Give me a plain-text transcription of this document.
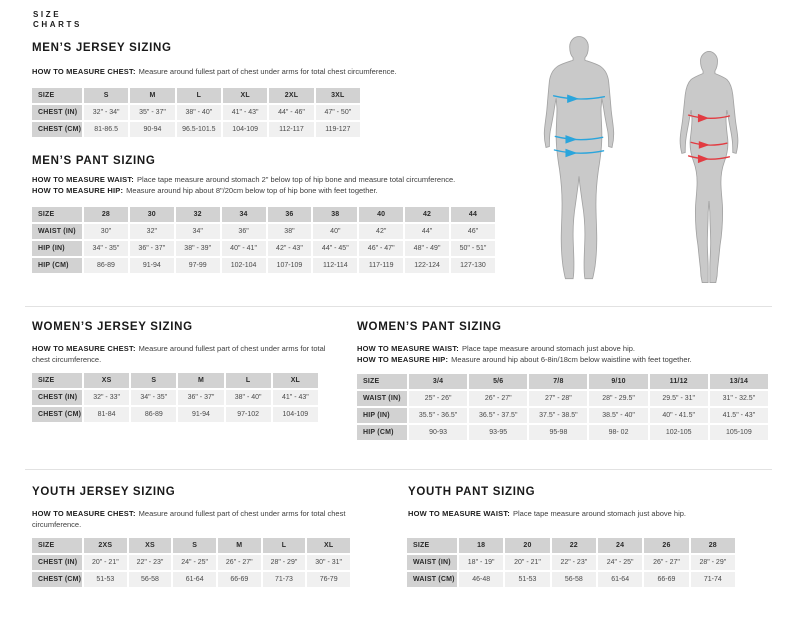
SIZE
CHARTS
MEN’S JERSEY SIZING
HOW TO MEASURE CHEST: Measure around fullest part of chest under arms for total chest circumference.
SIZE	S	M	L	XL	2XL	3XL
CHEST (IN)	32" - 34"	35" - 37"	38" - 40"	41" - 43"	44" - 46"	47" - 50"
CHEST (CM)	81-86.5	90-94	96.5-101.5	104-109	112-117	119-127
MEN’S PANT SIZING
HOW TO MEASURE WAIST: Place tape measure around stomach 2" below top of hip bone and measure total circumference.
HOW TO MEASURE HIP: Measure around hip about 8"/20cm below top of hip bone with feet together.
SIZE	28	30	32	34	36	38	40	42	44
WAIST (IN)	30"	32"	34"	36"	38"	40"	42"	44"	46"
HIP (IN)	34" - 35"	36" - 37"	38" - 39"	40" - 41"	42" - 43"	44" - 45"	46" - 47"	48" - 49"	50" - 51"
HIP (CM)	86-89	91-94	97-99	102-104	107-109	112-114	117-119	122-124	127-130
WOMEN’S JERSEY SIZING
HOW TO MEASURE CHEST: Measure around fullest part of chest under arms for total chest circumference.
SIZE	XS	S	M	L	XL
CHEST (IN)	32" - 33"	34" - 35"	36" - 37"	38" - 40"	41" - 43"
CHEST (CM)	81-84	86-89	91-94	97-102	104-109
WOMEN’S PANT SIZING
HOW TO MEASURE WAIST: Place tape measure around stomach just above hip.
HOW TO MEASURE HIP: Measure around hip about 6-8in/18cm below waistline with feet together.
SIZE	3/4	5/6	7/8	9/10	11/12	13/14
WAIST (IN)	25" - 26"	26" - 27"	27" - 28"	28" - 29.5"	29.5" - 31"	31" - 32.5"
HIP (IN)	35.5" - 36.5"	36.5" - 37.5"	37.5" - 38.5"	38.5" - 40"	40" - 41.5"	41.5" - 43"
HIP (CM)	90-93	93-95	95-98	98- 02	102-105	105-109
YOUTH JERSEY SIZING
HOW TO MEASURE CHEST: Measure around fullest part of chest under arms for total chest circumference.
SIZE	2XS	XS	S	M	L	XL
CHEST (IN)	20" - 21"	22" - 23"	24" - 25"	26" - 27"	28" - 29"	30" - 31"
CHEST (CM)	51-53	56-58	61-64	66-69	71-73	76-79
YOUTH PANT SIZING
HOW TO MEASURE WAIST: Place tape measure around stomach just above hip.
SIZE	18	20	22	24	26	28
WAIST (IN)	18" - 19"	20" - 21"	22" - 23"	24" - 25"	26" - 27"	28" - 29"
WAIST (CM)	46-48	51-53	56-58	61-64	66-69	71-74
